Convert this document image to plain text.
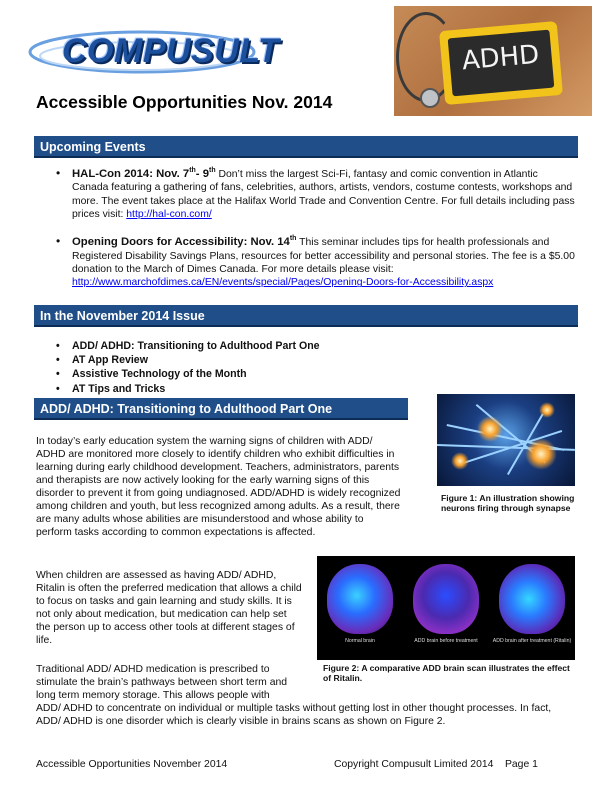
COMPUSULT	ADHD
Accessible Opportunities Nov. 2014
Upcoming Events
• HAL-Con 2014: Nov. 7th- 9th Don’t miss the largest Sci-Fi, fantasy and comic convention in Atlantic Canada featuring a gathering of fans, celebrities, authors, artists, vendors, costume contests, workshops and more. The event takes place at the Halifax World Trade and Convention Centre. For full details including pass prices visit: http://hal-con.com/
• Opening Doors for Accessibility: Nov. 14th This seminar includes tips for health professionals and Registered Disability Savings Plans, resources for better accessibility and personal stories. The fee is a $5.00 donation to the March of Dimes Canada. For more details please visit: http://www.marchofdimes.ca/EN/events/special/Pages/Opening-Doors-for-Accessibility.aspx
In the November 2014 Issue
• ADD/ ADHD: Transitioning to Adulthood Part One
• AT App Review
• Assistive Technology of the Month
• AT Tips and Tricks
ADD/ ADHD: Transitioning to Adulthood Part One
In today’s early education system the warning signs of children with ADD/ ADHD are monitored more closely to identify children who exhibit difficulties in learning during early childhood development. Teachers, administrators, parents and therapists are now actively looking for the early warning signs of this disorder to prevent it from going undiagnosed. ADD/ADHD is widely recognized among children and youth, but less recognized among adults. As a result, there are many adults whose abilities are misunderstood and whose ability to perform tasks according to common expectations is affected.
When children are assessed as having ADD/ ADHD, Ritalin is often the preferred medication that allows a child to focus on tasks and gain learning and study skills. It is not only about medication, but medication can help set the person up to access other tools at different stages of life.
Traditional ADD/ ADHD medication is prescribed to stimulate the brain’s pathways between short term and long term memory storage. This allows people with
ADD/ ADHD to concentrate on individual or multiple tasks without getting lost in other thought processes. In fact, ADD/ ADHD is one disorder which is clearly visible in brains scans as shown on Figure 2.
Figure 1: An illustration showing neurons firing through synapse
Normal brain	ADD brain before treatment	ADD brain after treatment (Ritalin)
Figure 2: A comparative ADD brain scan illustrates the effect of Ritalin.
Accessible Opportunities November 2014	Copyright Compusult Limited 2014    Page 1
